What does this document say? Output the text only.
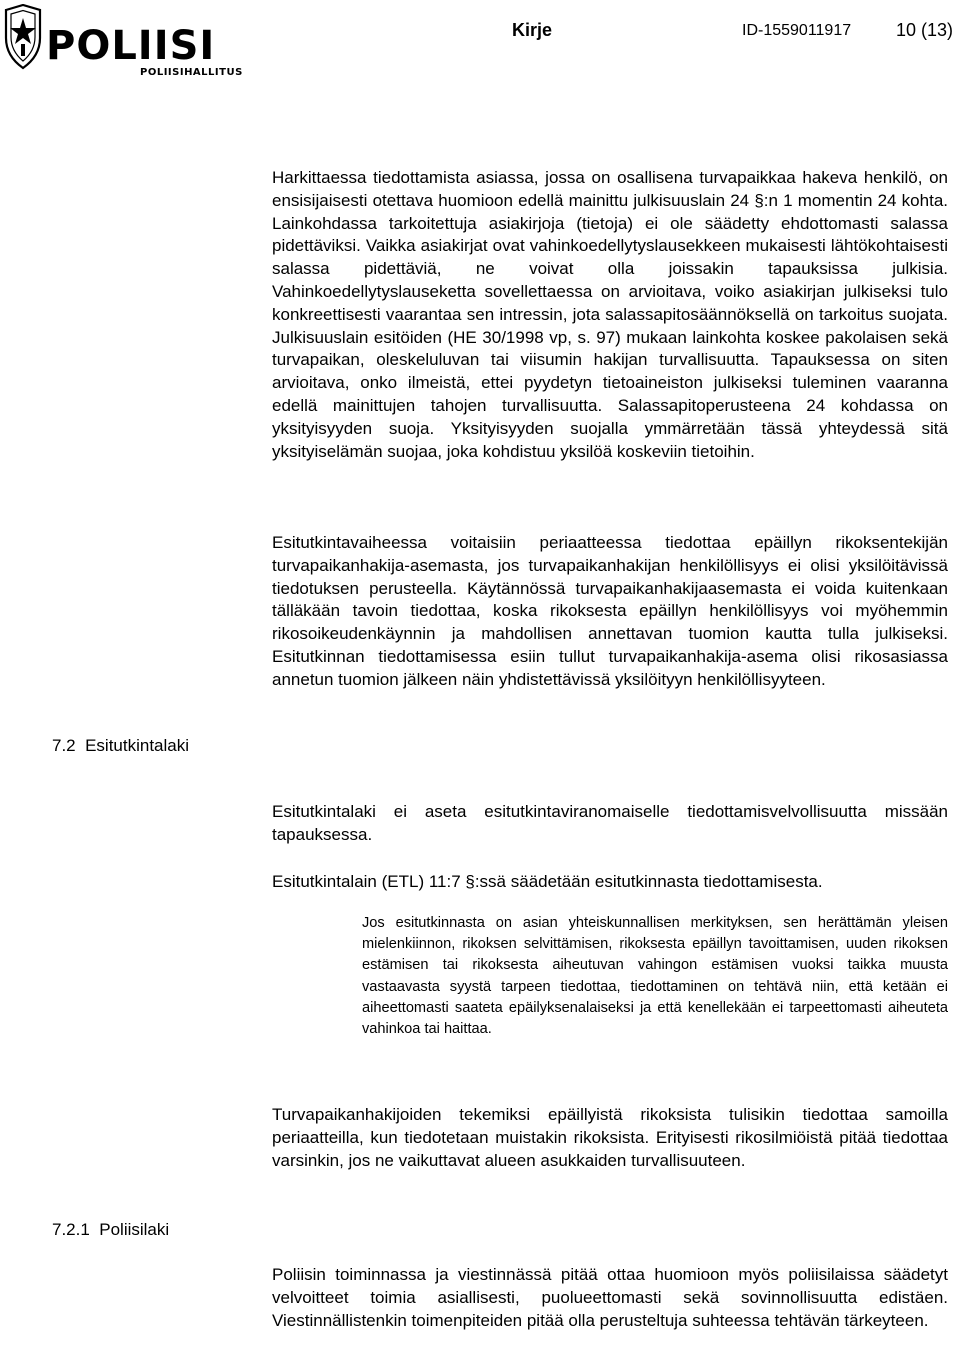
POLIISI
POLIISIHALLITUS
Kirje	ID-1559011917 10 (13)

Harkittaessa tiedottamista asiassa, jossa on osallisena turvapaikkaa hakeva henkilö, on ensisijaisesti otettava huomioon edellä mainittu julkisuuslain 24 §:n 1 momentin 24 kohta. Lainkohdassa tarkoitettuja asiakirjoja (tietoja) ei ole säädetty ehdottomasti salassa pidettäviksi. Vaikka asiakirjat ovat vahinkoedellytyslausekkeen mukaisesti lähtökohtaisesti salassa pidettäviä, ne voivat olla joissakin tapauksissa julkisia. Vahinkoedellytyslauseketta sovellettaessa on arvioitava, voiko asiakirjan julkiseksi tulo konkreettisesti vaarantaa sen intressin, jota salassapitosäännöksellä on tarkoitus suojata. Julkisuuslain esitöiden (HE 30/1998 vp, s. 97) mukaan lainkohta koskee pakolaisen sekä turvapaikan, oleskeluluvan tai viisumin hakijan turvallisuutta. Tapauksessa on siten arvioitava, onko ilmeistä, ettei pyydetyn tietoaineiston julkiseksi tuleminen vaaranna edellä mainittujen tahojen turvallisuutta. Salassapitoperusteena 24 kohdassa on yksityisyyden suoja. Yksityisyyden suojalla ymmärretään tässä yhteydessä sitä yksityiselämän suojaa, joka kohdistuu yksilöä koskeviin tietoihin.

Esitutkintavaiheessa voitaisiin periaatteessa tiedottaa epäillyn rikoksentekijän turvapaikanhakija-asemasta, jos turvapaikanhakijan henkilöllisyys ei olisi yksilöitävissä tiedotuksen perusteella. Käytännössä turvapaikanhakijaasemasta ei voida kuitenkaan tälläkään tavoin tiedottaa, koska rikoksesta epäillyn henkilöllisyys voi myöhemmin rikosoikeudenkäynnin ja mahdollisen annettavan tuomion kautta tulla julkiseksi. Esitutkinnan tiedottamisessa esiin tullut turvapaikanhakija-asema olisi rikosasiassa annetun tuomion jälkeen näin yhdistettävissä yksilöityyn henkilöllisyyteen.

7.2  Esitutkintalaki

Esitutkintalaki ei aseta esitutkintaviranomaiselle tiedottamisvelvollisuutta missään tapauksessa.

Esitutkintalain (ETL) 11:7 §:ssä säädetään esitutkinnasta tiedottamisesta.

Jos esitutkinnasta on asian yhteiskunnallisen merkityksen, sen herättämän yleisen mielenkiinnon, rikoksen selvittämisen, rikoksesta epäillyn tavoittamisen, uuden rikoksen estämisen tai rikoksesta aiheutuvan vahingon estämisen vuoksi taikka muusta vastaavasta syystä tarpeen tiedottaa, tiedottaminen on tehtävä niin, että ketään ei aiheettomasti saateta epäilyksenalaiseksi ja että kenellekään ei tarpeettomasti aiheuteta vahinkoa tai haittaa.

Turvapaikanhakijoiden tekemiksi epäillyistä rikoksista tulisikin tiedottaa samoilla periaatteilla, kun tiedotetaan muistakin rikoksista. Erityisesti rikosilmiöistä pitää tiedottaa varsinkin, jos ne vaikuttavat alueen asukkaiden turvallisuuteen.

7.2.1  Poliisilaki

Poliisin toiminnassa ja viestinnässä pitää ottaa huomioon myös poliisilaissa säädetyt velvoitteet toimia asiallisesti, puolueettomasti sekä sovinnollisuutta edistäen. Viestinnällistenkin toimenpiteiden pitää olla perusteltuja suhteessa tehtävän tärkeyteen.
